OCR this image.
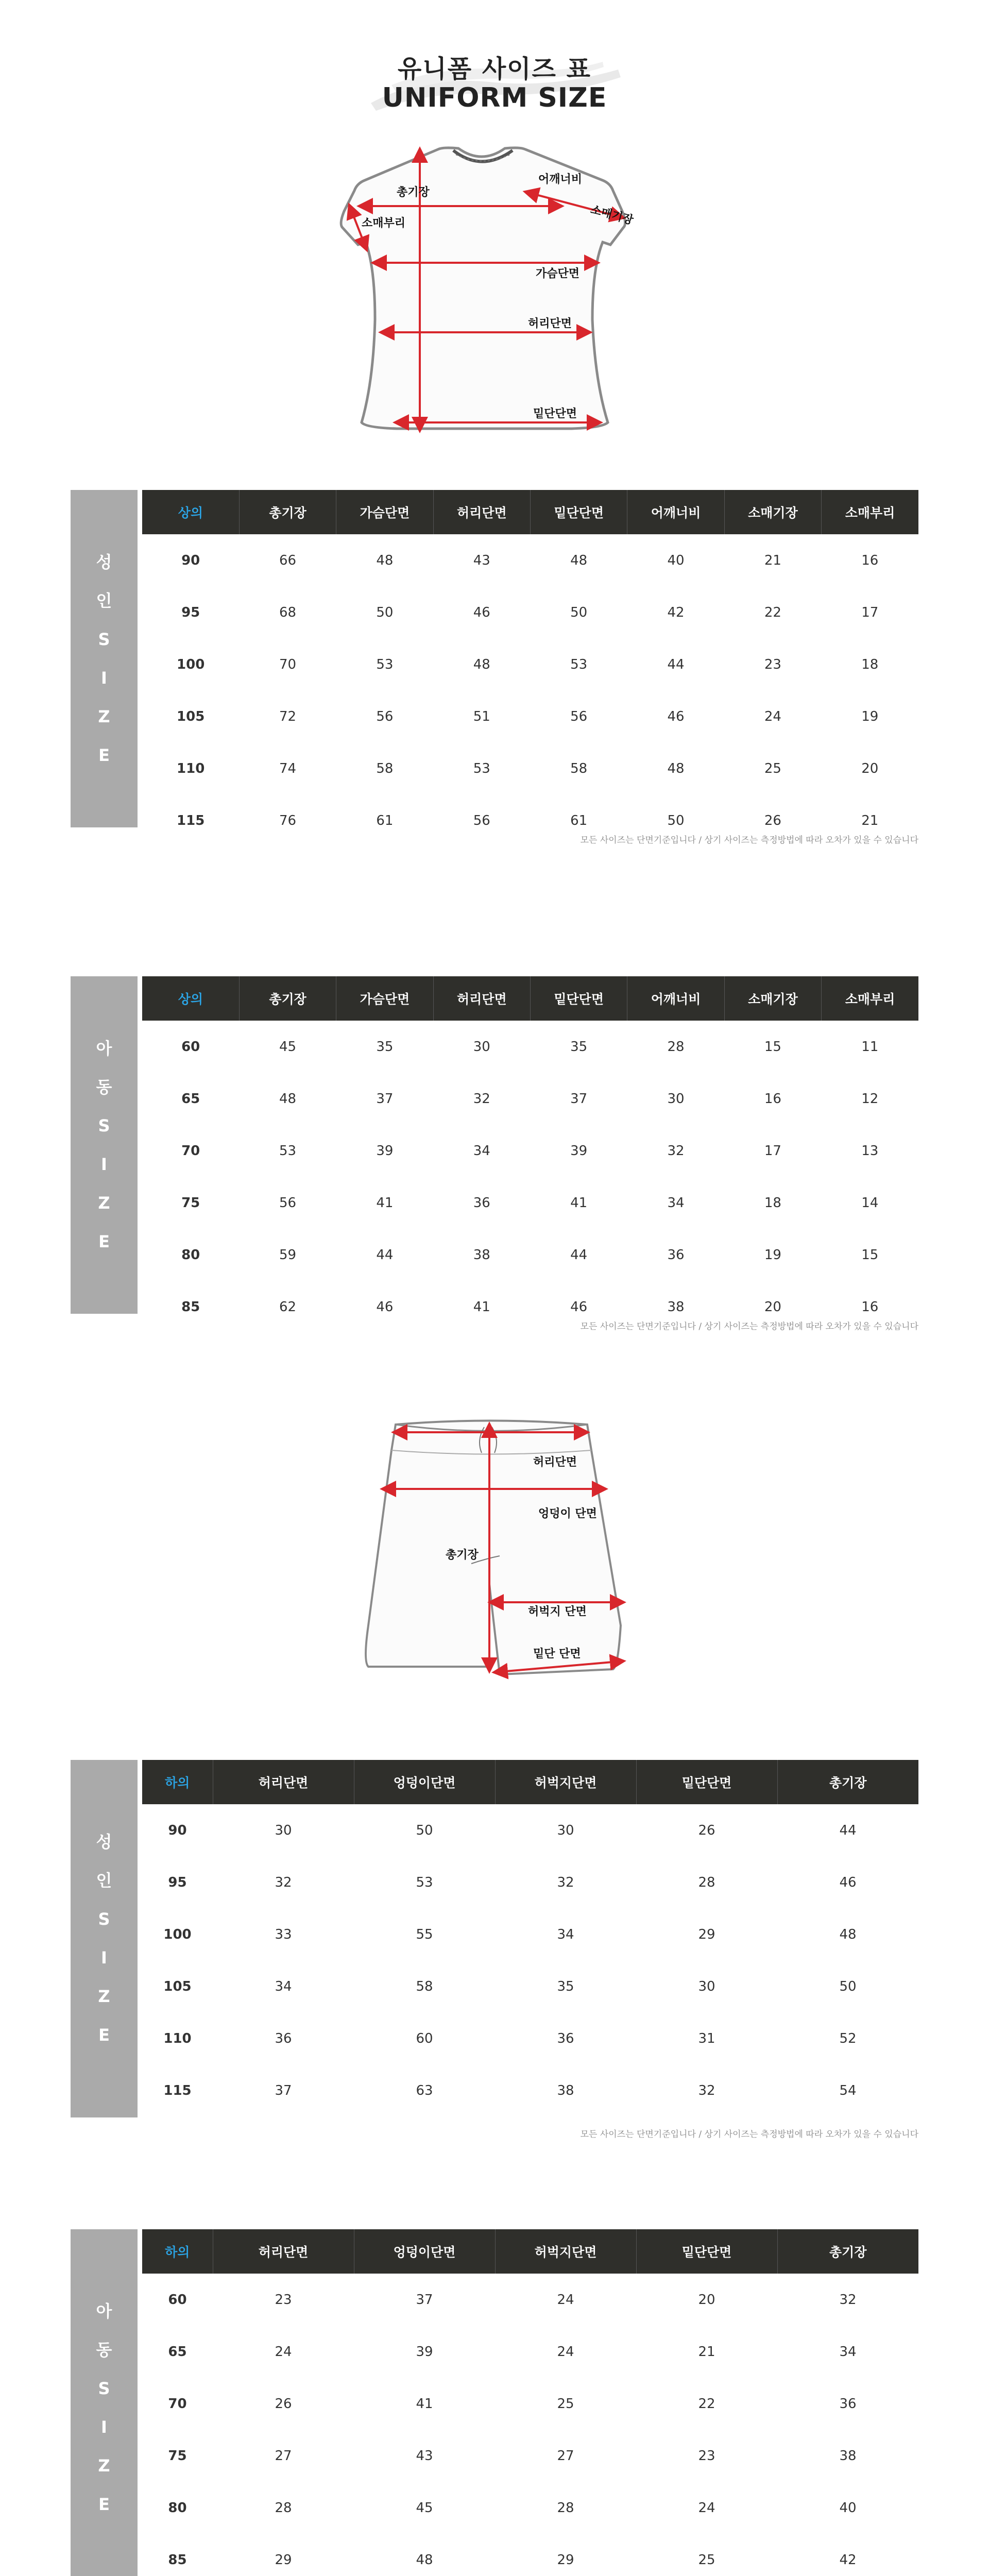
유니폼 사이즈 표
UNIFORM SIZE
총기장
어깨너비
소매기장
소매부리
가슴단면
허리단면
밑단단면
성
인
S
I
Z
E
상의	총기장	가슴단면	허리단면	밑단단면	어깨너비	소매기장	소매부리
90	66	48	43	48	40	21	16
95	68	50	46	50	42	22	17
100	70	53	48	53	44	23	18
105	72	56	51	56	46	24	19
110	74	58	53	58	48	25	20
115	76	61	56	61	50	26	21
모든 사이즈는 단면기준입니다 / 상기 사이즈는 측정방법에 따라 오차가 있을 수 있습니다
아
동
S
I
Z
E
상의	총기장	가슴단면	허리단면	밑단단면	어깨너비	소매기장	소매부리
60	45	35	30	35	28	15	11
65	48	37	32	37	30	16	12
70	53	39	34	39	32	17	13
75	56	41	36	41	34	18	14
80	59	44	38	44	36	19	15
85	62	46	41	46	38	20	16
모든 사이즈는 단면기준입니다 / 상기 사이즈는 측정방법에 따라 오차가 있을 수 있습니다
허리단면
엉덩이 단면
총기장
허벅지 단면
밑단 단면
성
인
S
I
Z
E
하의	허리단면	엉덩이단면	허벅지단면	밑단단면	총기장
90	30	50	30	26	44
95	32	53	32	28	46
100	33	55	34	29	48
105	34	58	35	30	50
110	36	60	36	31	52
115	37	63	38	32	54
모든 사이즈는 단면기준입니다 / 상기 사이즈는 측정방법에 따라 오차가 있을 수 있습니다
아
동
S
I
Z
E
하의	허리단면	엉덩이단면	허벅지단면	밑단단면	총기장
60	23	37	24	20	32
65	24	39	24	21	34
70	26	41	25	22	36
75	27	43	27	23	38
80	28	45	28	24	40
85	29	48	29	25	42
